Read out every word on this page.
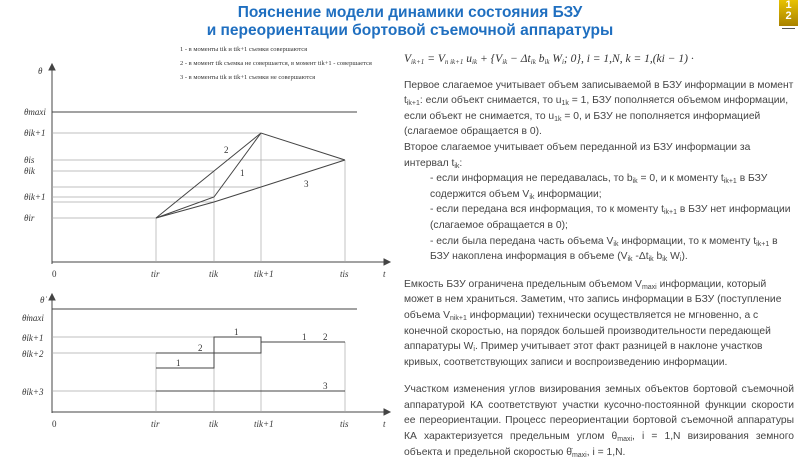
Пояснение модели динамики состояния БЗУ
и переориентации бортовой съемочной аппаратуры
1
2
1 - в моменты tik и tik+1 съемки совершаются
2 - в момент tik съемка не совершается, в момент tik+1 - совершается
3 - в моменты tik и tik+1 съемки не совершаются
θ
θmaxi
θik+1
θis
θik
θik+1
θir
0	tir	tik	tik+1	tis	t
2
1
3
θ̇
θ̇maxi
θ̇ik+1
θ̇ik+2
θ̇ik+3
0	tir	tik	tik+1	tis	t
1
2
1	1 2
3
$V_{ik+1} = V_{n ik+1}$ $u_{ik} + \{V_{ik} - \Delta t_{ik}$ $b_{ik}$ $W_i$; 0}, i = 1,N, k = 1,(ki − 1) ·

Первое слагаемое учитывает объем записываемой в БЗУ информации в момент $t_{ik+1}$: если объект снимается, то $u_{1k} = 1$, БЗУ пополняется объемом информации, если объект не снимается, то $u_{1k} = 0$, и БЗУ не пополняется информацией (слагаемое обращается в 0).

Второе слагаемое учитывает объем переданной из БЗУ информации за интервал $t_{ik}$:

- если информация не передавалась, то $b_{ik} = 0$, и к моменту $t_{ik+1}$ в БЗУ содержится объем $V_{ik}$ информации;

- если передана вся информация, то к моменту $t_{ik+1}$ в БЗУ нет информации (слагаемое обращается в 0);

- если была передана часть объема $V_{ik}$ информации, то к моменту $t_{ik+1}$ в БЗУ накоплена информация в объеме ($V_{ik}$ $-\Delta t_{ik}$ $b_{ik}$ $W_i$).

Емкость БЗУ ограничена предельным объемом $V_{maxi}$ информации, который может в нем храниться. Заметим, что запись информации в БЗУ (поступление объема $V_{nik+1}$ информации) технически осуществляется не мгновенно, а с конечной скоростью, на порядок большей производительности передающей аппаратуры $W_i$. Пример учитывает этот факт разницей в наклоне участков кривых, соответствующих записи и воспроизведению информации.

Участком изменения углов визирования земных объектов бортовой съемочной аппаратурой КА соответствуют участки кусочно-постоянной функции скорости ее переориентации. Процесс переориентации бортовой съемочной аппаратуры КА характеризуется предельным углом $\theta_{maxi}$, i = 1,N визирования земного объекта и предельной скоростью $\thetȧ_{maxi}$, i = 1,N.
